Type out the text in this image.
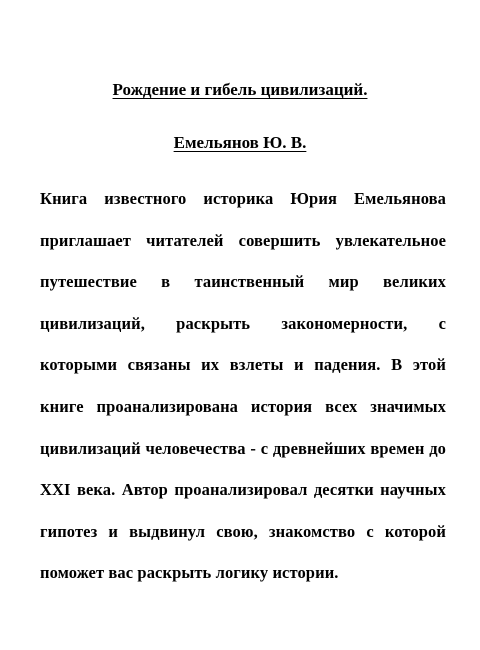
Рождение и гибель цивилизаций.
Емельянов Ю. В.

Книга известного историка Юрия Емельянова приглашает читателей совершить увлекательное путешествие в таинственный мир великих цивилизаций, раскрыть закономерности, с которыми связаны их взлеты и падения. В этой книге проанализирована история всех значимых цивилизаций человечества - с древнейших времен до XXI века. Автор проанализировал десятки научных гипотез и выдвинул свою, знакомство с которой поможет вас раскрыть логику истории.
